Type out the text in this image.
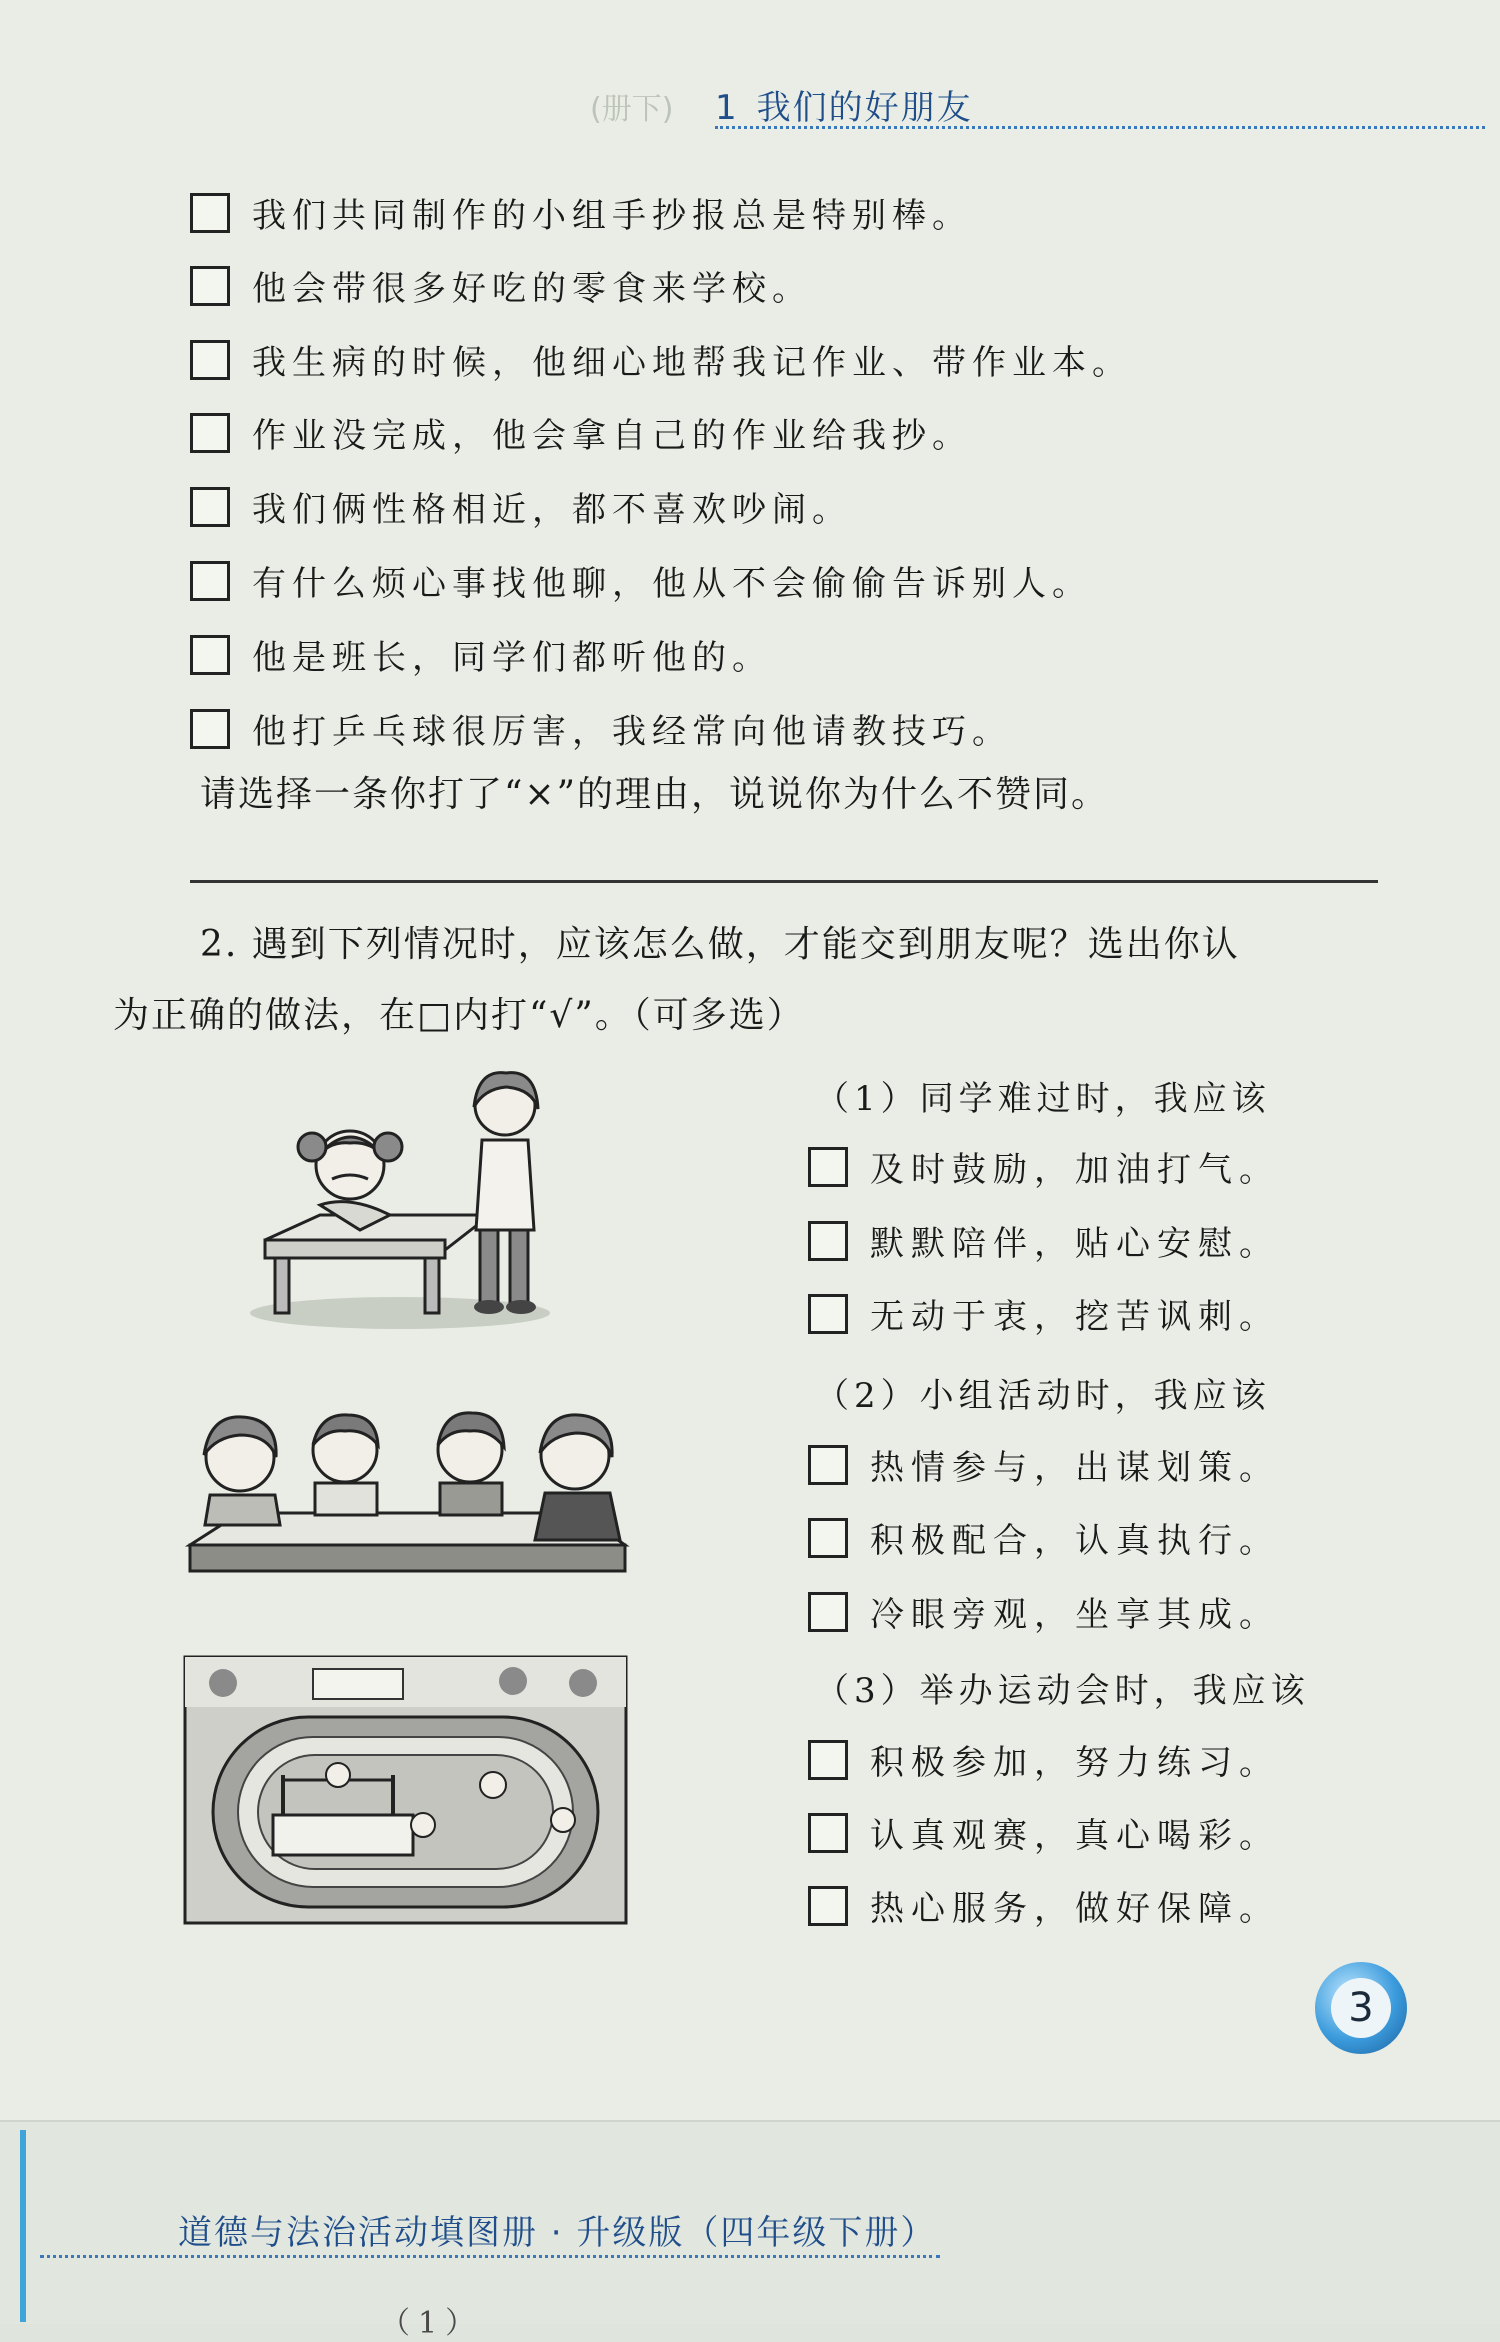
(册下) 1 我们的好朋友
我们共同制作的小组手抄报总是特别棒。
他会带很多好吃的零食来学校。
我生病的时候，他细心地帮我记作业、带作业本。
作业没完成，他会拿自己的作业给我抄。
我们俩性格相近，都不喜欢吵闹。
有什么烦心事找他聊，他从不会偷偷告诉别人。
他是班长，同学们都听他的。
他打乒乓球很厉害，我经常向他请教技巧。
请选择一条你打了“×”的理由，说说你为什么不赞同。
2. 遇到下列情况时，应该怎么做，才能交到朋友呢？选出你认
为正确的做法，在□内打“√”。（可多选）
（1）同学难过时，我应该
及时鼓励，加油打气。
默默陪伴，贴心安慰。
无动于衷，挖苦讽刺。
（2）小组活动时，我应该
热情参与，出谋划策。
积极配合，认真执行。
冷眼旁观，坐享其成。
（3）举办运动会时，我应该
积极参加，努力练习。
认真观赛，真心喝彩。
热心服务，做好保障。
3
道德与法治活动填图册 · 升级版（四年级下册）
（1）
